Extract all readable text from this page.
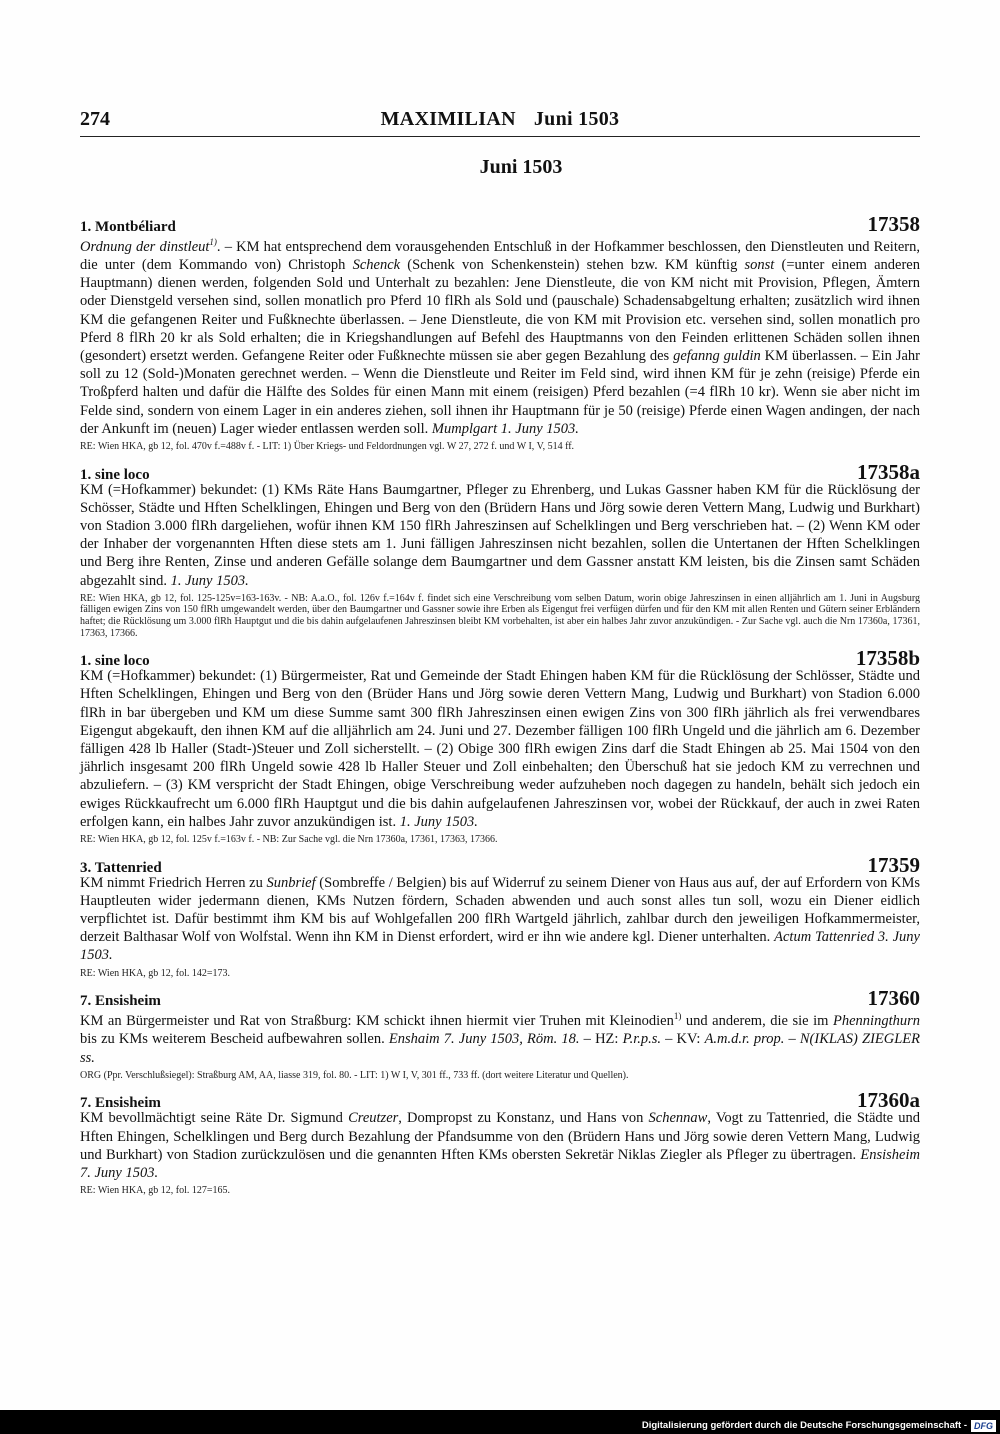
274	MAXIMILIAN Juni 1503
Juni 1503
1. Montbéliard	17358

Ordnung der dinstleut$^{1)}$. – KM hat entsprechend dem vorausgehenden Entschluß in der Hofkammer beschlossen, den Dienstleuten und Reitern, die unter (dem Kommando von) Christoph Schenck (Schenk von Schenkenstein) stehen bzw. KM künftig sonst (=unter einem anderen Hauptmann) dienen werden, folgenden Sold und Unterhalt zu bezahlen: Jene Dienstleute, die von KM nicht mit Provision, Pflegen, Ämtern oder Dienstgeld versehen sind, sollen monatlich pro Pferd 10 flRh als Sold und (pauschale) Schadensabgeltung erhalten; zusätzlich wird ihnen KM die gefangenen Reiter und Fußknechte überlassen. – Jene Dienstleute, die von KM mit Provision etc. versehen sind, sollen monatlich pro Pferd 8 flRh 20 kr als Sold erhalten; die in Kriegshandlungen auf Befehl des Hauptmanns von den Feinden erlittenen Schäden sollen ihnen (gesondert) ersetzt werden. Gefangene Reiter oder Fußknechte müssen sie aber gegen Bezahlung des gefanng guldin KM überlassen. – Ein Jahr soll zu 12 (Sold-)Monaten gerechnet werden. – Wenn die Dienstleute und Reiter im Feld sind, wird ihnen KM für je zehn (reisige) Pferde ein Troßpferd halten und dafür die Hälfte des Soldes für einen Mann mit einem (reisigen) Pferd bezahlen (=4 flRh 10 kr). Wenn sie aber nicht im Felde sind, sondern von einem Lager in ein anderes ziehen, soll ihnen ihr Hauptmann für je 50 (reisige) Pferde einen Wagen andingen, der nach der Ankunft im (neuen) Lager wieder entlassen werden soll. Mumplgart 1. Juny 1503.

RE: Wien HKA, gb 12, fol. 470v f.=488v f. - LIT: 1) Über Kriegs- und Feldordnungen vgl. W 27, 272 f. und W I, V, 514 ff.

1. sine loco	17358a

KM (=Hofkammer) bekundet: (1) KMs Räte Hans Baumgartner, Pfleger zu Ehrenberg, und Lukas Gassner haben KM für die Rücklösung der Schösser, Städte und Hften Schelklingen, Ehingen und Berg von den (Brüdern Hans und Jörg sowie deren Vettern Mang, Ludwig und Burkhart) von Stadion 3.000 flRh dargeliehen, wofür ihnen KM 150 flRh Jahreszinsen auf Schelklingen und Berg verschrieben hat. – (2) Wenn KM oder der Inhaber der vorgenannten Hften diese stets am 1. Juni fälligen Jahreszinsen nicht bezahlen, sollen die Untertanen der Hften Schelklingen und Berg ihre Renten, Zinse und anderen Gefälle solange dem Baumgartner und dem Gassner anstatt KM leisten, bis die Zinsen samt Schäden abgezahlt sind. 1. Juny 1503.

RE: Wien HKA, gb 12, fol. 125-125v=163-163v. - NB: A.a.O., fol. 126v f.=164v f. findet sich eine Verschreibung vom selben Datum, worin obige Jahreszinsen in einen alljährlich am 1. Juni in Augsburg fälligen ewigen Zins von 150 flRh umgewandelt werden, über den Baumgartner und Gassner sowie ihre Erben als Eigengut frei verfügen dürfen und für den KM mit allen Renten und Gütern seiner Erbländern haftet; die Rücklösung um 3.000 flRh Hauptgut und die bis dahin aufgelaufenen Jahreszinsen bleibt KM vorbehalten, ist aber ein halbes Jahr zuvor anzukündigen. - Zur Sache vgl. auch die Nrn 17360a, 17361, 17363, 17366.

1. sine loco	17358b

KM (=Hofkammer) bekundet: (1) Bürgermeister, Rat und Gemeinde der Stadt Ehingen haben KM für die Rücklösung der Schlösser, Städte und Hften Schelklingen, Ehingen und Berg von den (Brüder Hans und Jörg sowie deren Vettern Mang, Ludwig und Burkhart) von Stadion 6.000 flRh in bar übergeben und KM um diese Summe samt 300 flRh Jahreszinsen einen ewigen Zins von 300 flRh jährlich als frei verwendbares Eigengut abgekauft, den ihnen KM auf die alljährlich am 24. Juni und 27. Dezember fälligen 100 flRh Ungeld und die jährlich am 6. Dezember fälligen 428 lb Haller (Stadt-)Steuer und Zoll sicherstellt. – (2) Obige 300 flRh ewigen Zins darf die Stadt Ehingen ab 25. Mai 1504 von den jährlich insgesamt 200 flRh Ungeld sowie 428 lb Haller Steuer und Zoll einbehalten; den Überschuß hat sie jedoch KM zu verrechnen und abzuliefern. – (3) KM verspricht der Stadt Ehingen, obige Verschreibung weder aufzuheben noch dagegen zu handeln, behält sich jedoch ein ewiges Rückkaufrecht um 6.000 flRh Hauptgut und die bis dahin aufgelaufenen Jahreszinsen vor, wobei der Rückkauf, der auch in zwei Raten erfolgen kann, ein halbes Jahr zuvor anzukündigen ist. 1. Juny 1503.

RE: Wien HKA, gb 12, fol. 125v f.=163v f. - NB: Zur Sache vgl. die Nrn 17360a, 17361, 17363, 17366.

3. Tattenried	17359

KM nimmt Friedrich Herren zu Sunbrief (Sombreffe / Belgien) bis auf Widerruf zu seinem Diener von Haus aus auf, der auf Erfordern von KMs Hauptleuten wider jedermann dienen, KMs Nutzen fördern, Schaden abwenden und auch sonst alles tun soll, wozu ein Diener eidlich verpflichtet ist. Dafür bestimmt ihm KM bis auf Wohlgefallen 200 flRh Wartgeld jährlich, zahlbar durch den jeweiligen Hofkammermeister, derzeit Balthasar Wolf von Wolfstal. Wenn ihn KM in Dienst erfordert, wird er ihn wie andere kgl. Diener unterhalten. Actum Tattenried 3. Juny 1503.

RE: Wien HKA, gb 12, fol. 142=173.

7. Ensisheim	17360

KM an Bürgermeister und Rat von Straßburg: KM schickt ihnen hiermit vier Truhen mit Kleinodien$^{1)}$ und anderem, die sie im Phenningthurn bis zu KMs weiterem Bescheid aufbewahren sollen. Enshaim 7. Juny 1503, Röm. 18. – HZ: P.r.p.s. – KV: A.m.d.r. prop. – N(IKLAS) ZIEGLER ss.

ORG (Ppr. Verschlußsiegel): Straßburg AM, AA, liasse 319, fol. 80. - LIT: 1) W I, V, 301 ff., 733 ff. (dort weitere Literatur und Quellen).

7. Ensisheim	17360a

KM bevollmächtigt seine Räte Dr. Sigmund Creutzer, Dompropst zu Konstanz, und Hans von Schennaw, Vogt zu Tattenried, die Städte und Hften Ehingen, Schelklingen und Berg durch Bezahlung der Pfandsumme von den (Brüdern Hans und Jörg sowie deren Vettern Mang, Ludwig und Burkhart) von Stadion zurückzulösen und die genannten Hften KMs obersten Sekretär Niklas Ziegler als Pfleger zu übertragen. Ensisheim 7. Juny 1503.

RE: Wien HKA, gb 12, fol. 127=165.

Digitalisierung gefördert durch die Deutsche Forschungsgemeinschaft - DFG
